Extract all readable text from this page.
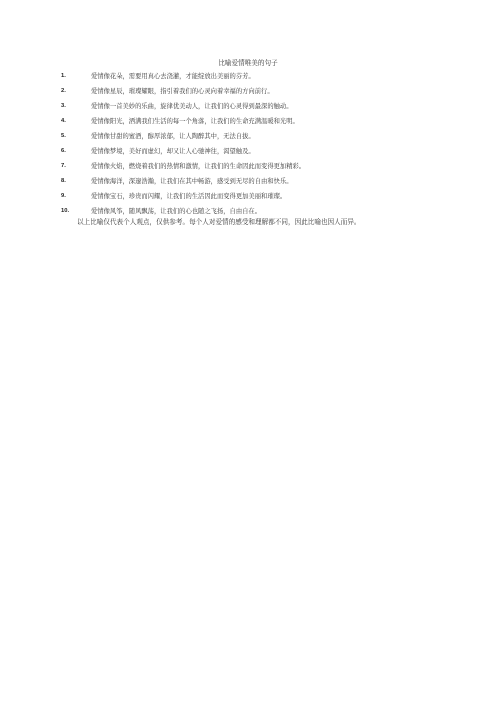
比喻爱情唯美的句子
1.	爱情像花朵，需要用真心去浇灌，才能绽放出美丽的芬芳。
2.	爱情像星辰，璀璨耀眼，指引着我们的心灵向着幸福的方向前行。
3.	爱情像一首美妙的乐曲，旋律优美动人，让我们的心灵得到最深的触动。
4.	爱情像阳光，洒满我们生活的每一个角落，让我们的生命充满温暖和光明。
5.	爱情像甘甜的蜜酒，醇厚浓郁，让人陶醉其中，无法自拔。
6.	爱情像梦境，美好而虚幻，却又让人心驰神往，渴望触及。
7.	爱情像火焰，燃烧着我们的热情和激情，让我们的生命因此而变得更加精彩。
8.	爱情像海洋，深邃浩瀚，让我们在其中畅游，感受到无尽的自由和快乐。
9.	爱情像宝石，珍贵而闪耀，让我们的生活因此而变得更加美丽和璀璨。
10.	爱情像风筝，随风飘荡，让我们的心也随之飞扬，自由自在。
以上比喻仅代表个人观点，仅供参考。每个人对爱情的感受和理解都不同，因此比喻也因人而异。
